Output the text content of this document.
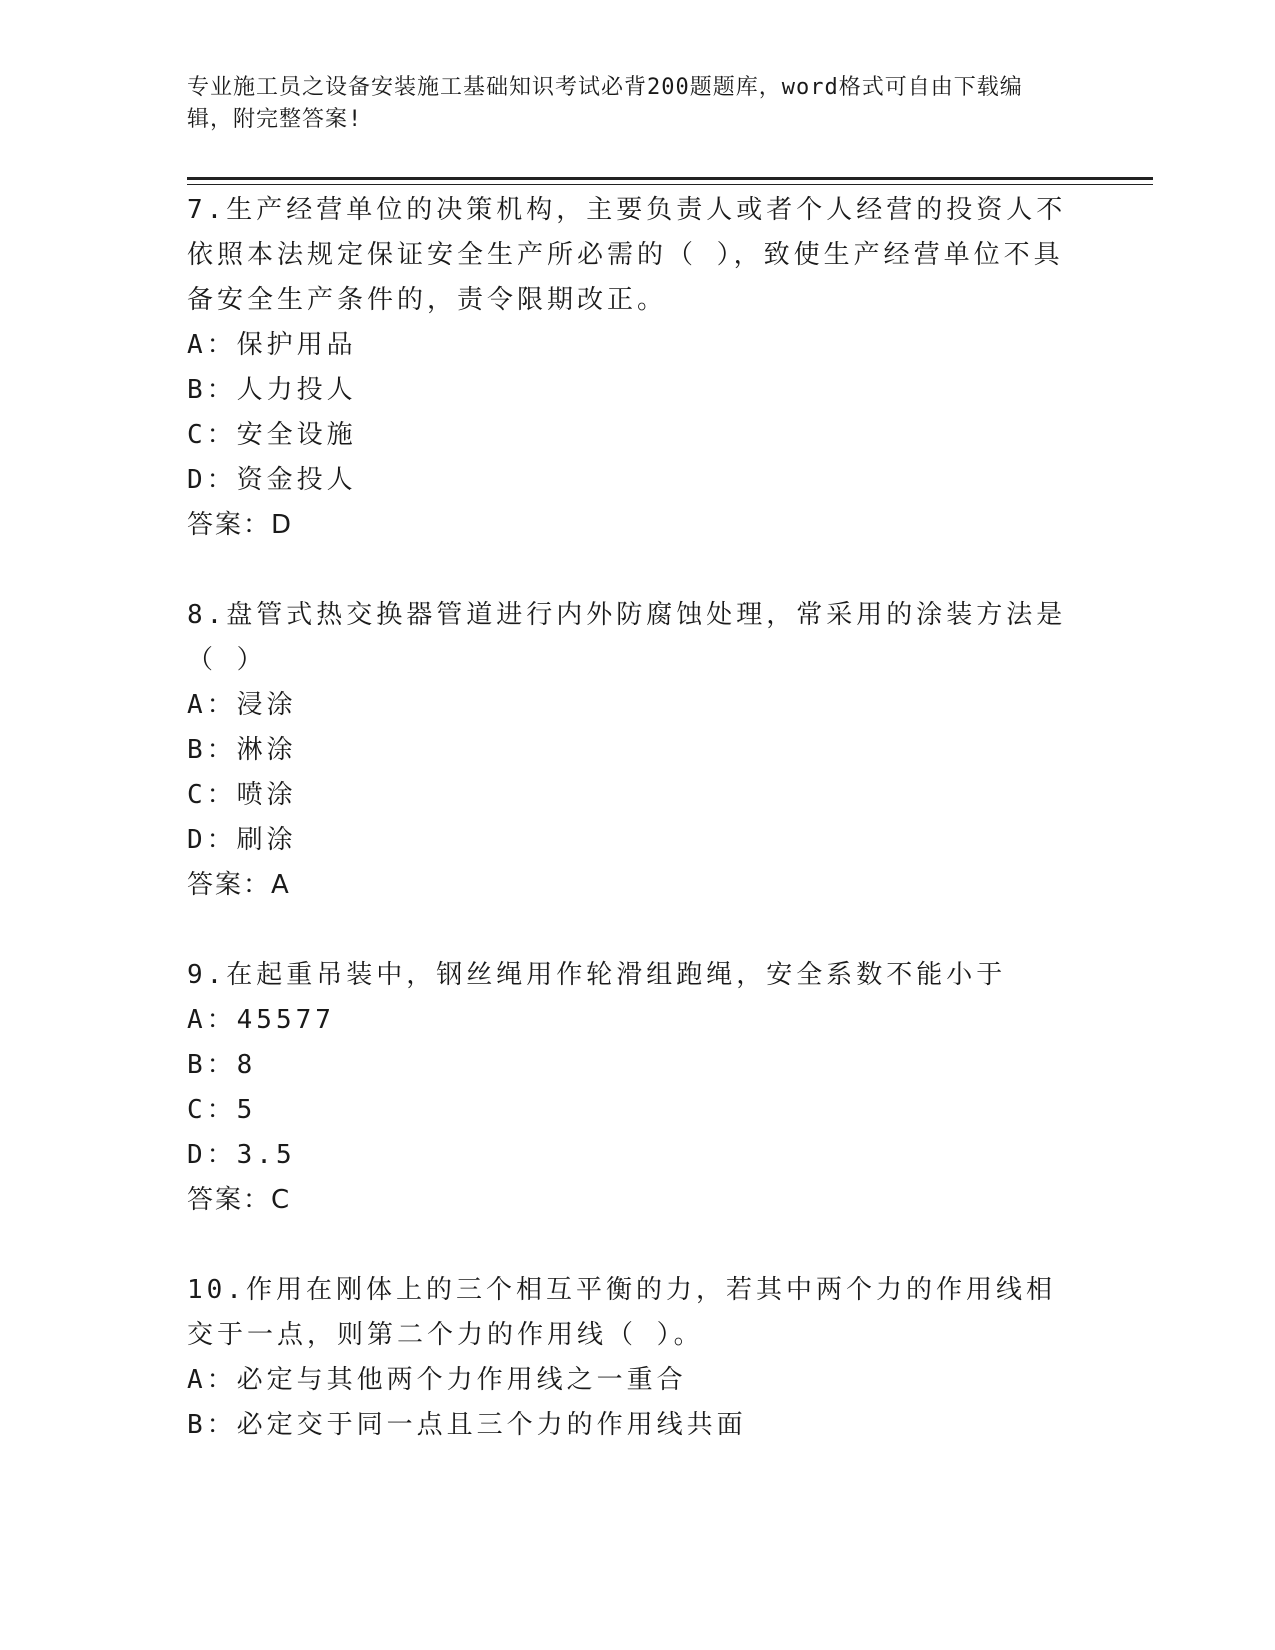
专业施工员之设备安装施工基础知识考试必背200题题库，word格式可自由下载编辑，附完整答案!
7.生产经营单位的决策机构，主要负责人或者个人经营的投资人不依照本法规定保证安全生产所必需的（ ），致使生产经营单位不具备安全生产条件的，责令限期改正。
A：保护用品
B：人力投人
C：安全设施
D：资金投人
答案：D
8.盘管式热交换器管道进行内外防腐蚀处理，常采用的涂装方法是（ ）
A：浸涂
B：淋涂
C：喷涂
D：刷涂
答案：A
9.在起重吊装中，钢丝绳用作轮滑组跑绳，安全系数不能小于
A：45577
B：8
C：5
D：3.5
答案：C
10.作用在刚体上的三个相互平衡的力，若其中两个力的作用线相交于一点，则第二个力的作用线（ ）。
A：必定与其他两个力作用线之一重合
B：必定交于同一点且三个力的作用线共面
